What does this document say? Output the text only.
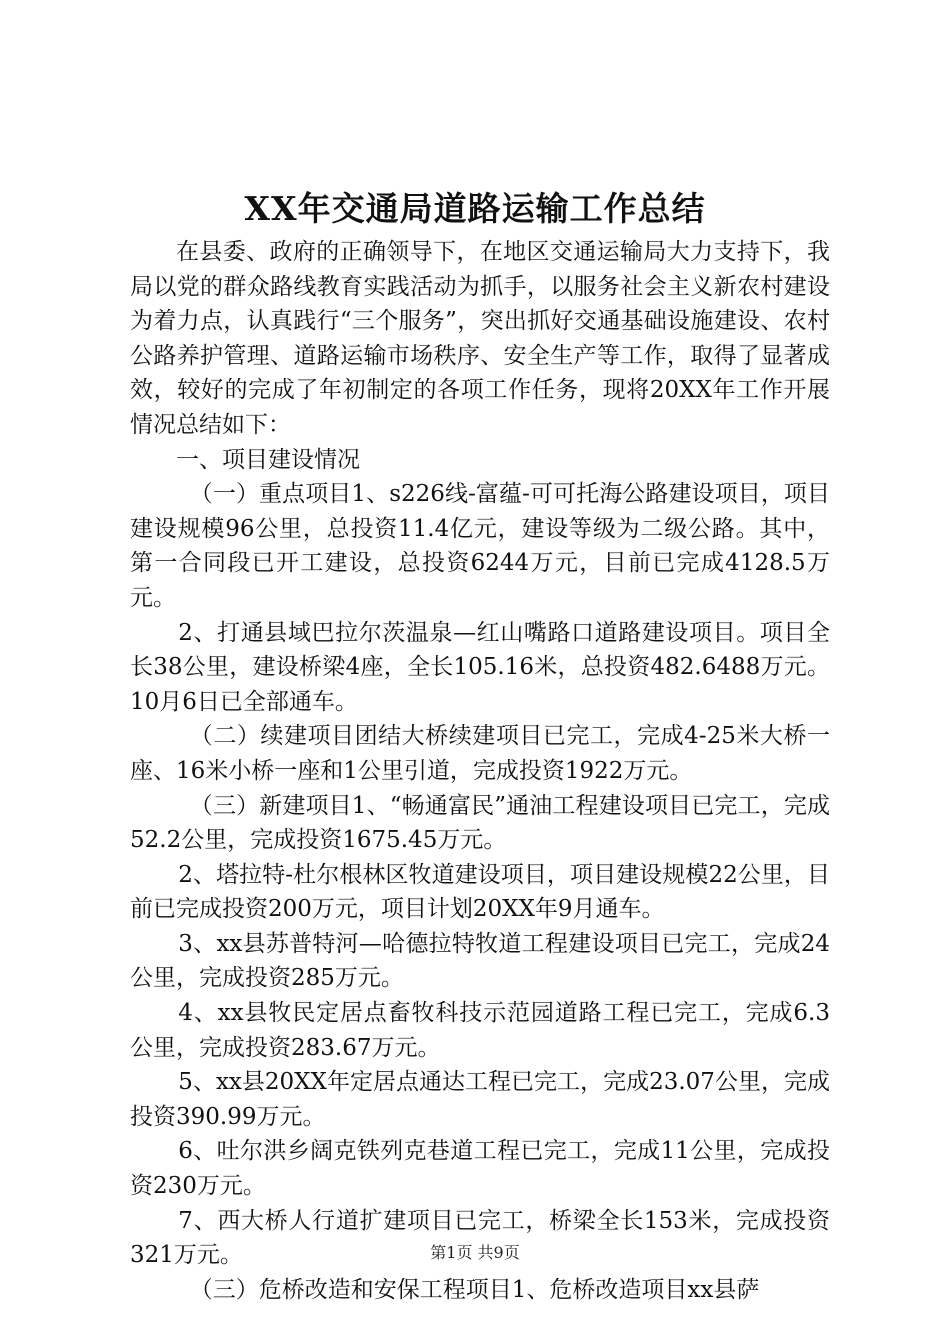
XX年交通局道路运输工作总结

在县委、政府的正确领导下，在地区交通运输局大力支持下，我局以党的群众路线教育实践活动为抓手，以服务社会主义新农村建设为着力点，认真践行“三个服务”，突出抓好交通基础设施建设、农村公路养护管理、道路运输市场秩序、安全生产等工作，取得了显著成效，较好的完成了年初制定的各项工作任务，现将20XX年工作开展情况总结如下：

一、项目建设情况

（一）重点项目1、s226线-富蕴-可可托海公路建设项目，项目建设规模96公里，总投资11.4亿元，建设等级为二级公路。其中，第一合同段已开工建设，总投资6244万元，目前已完成4128.5万元。

2、打通县域巴拉尔茨温泉—红山嘴路口道路建设项目。项目全长38公里，建设桥梁4座，全长105.16米，总投资482.6488万元。10月6日已全部通车。

（二）续建项目团结大桥续建项目已完工，完成4-25米大桥一座、16米小桥一座和1公里引道，完成投资1922万元。

（三）新建项目1、“畅通富民”通油工程建设项目已完工，完成52.2公里，完成投资1675.45万元。

2、塔拉特-杜尔根林区牧道建设项目，项目建设规模22公里，目前已完成投资200万元，项目计划20XX年9月通车。

3、xx县苏普特河—哈德拉特牧道工程建设项目已完工，完成24公里，完成投资285万元。

4、xx县牧民定居点畜牧科技示范园道路工程已完工，完成6.3公里，完成投资283.67万元。

5、xx县20XX年定居点通达工程已完工，完成23.07公里，完成投资390.99万元。

6、吐尔洪乡阔克铁列克巷道工程已完工，完成11公里，完成投资230万元。

7、西大桥人行道扩建项目已完工，桥梁全长153米，完成投资321万元。

（三）危桥改造和安保工程项目1、危桥改造项目xx县萨

第1页 共9页
